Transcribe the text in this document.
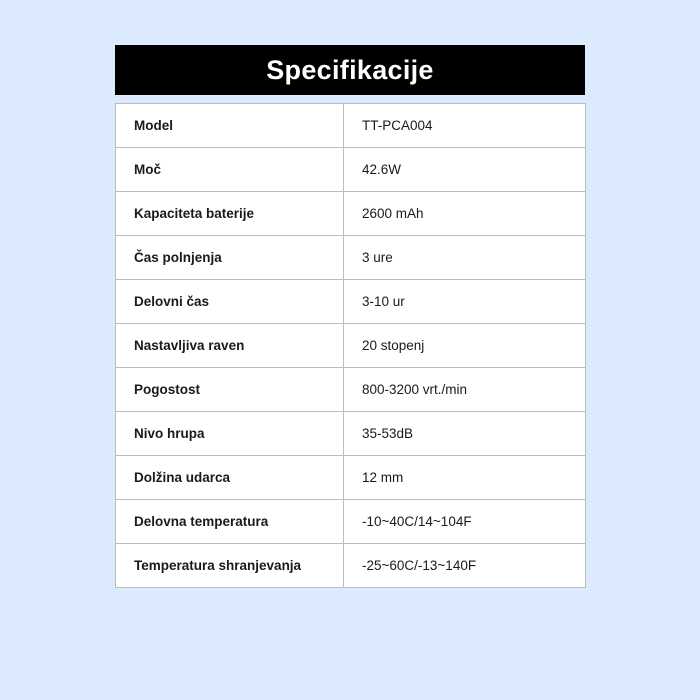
Specifikacije
Model	TT-PCA004
Moč	42.6W
Kapaciteta baterije	2600 mAh
Čas polnjenja	3 ure
Delovni čas	3-10 ur
Nastavljiva raven	20 stopenj
Pogostost	800-3200 vrt./min
Nivo hrupa	35-53dB
Dolžina udarca	12 mm
Delovna temperatura	-10~40C/14~104F
Temperatura shranjevanja	-25~60C/-13~140F
